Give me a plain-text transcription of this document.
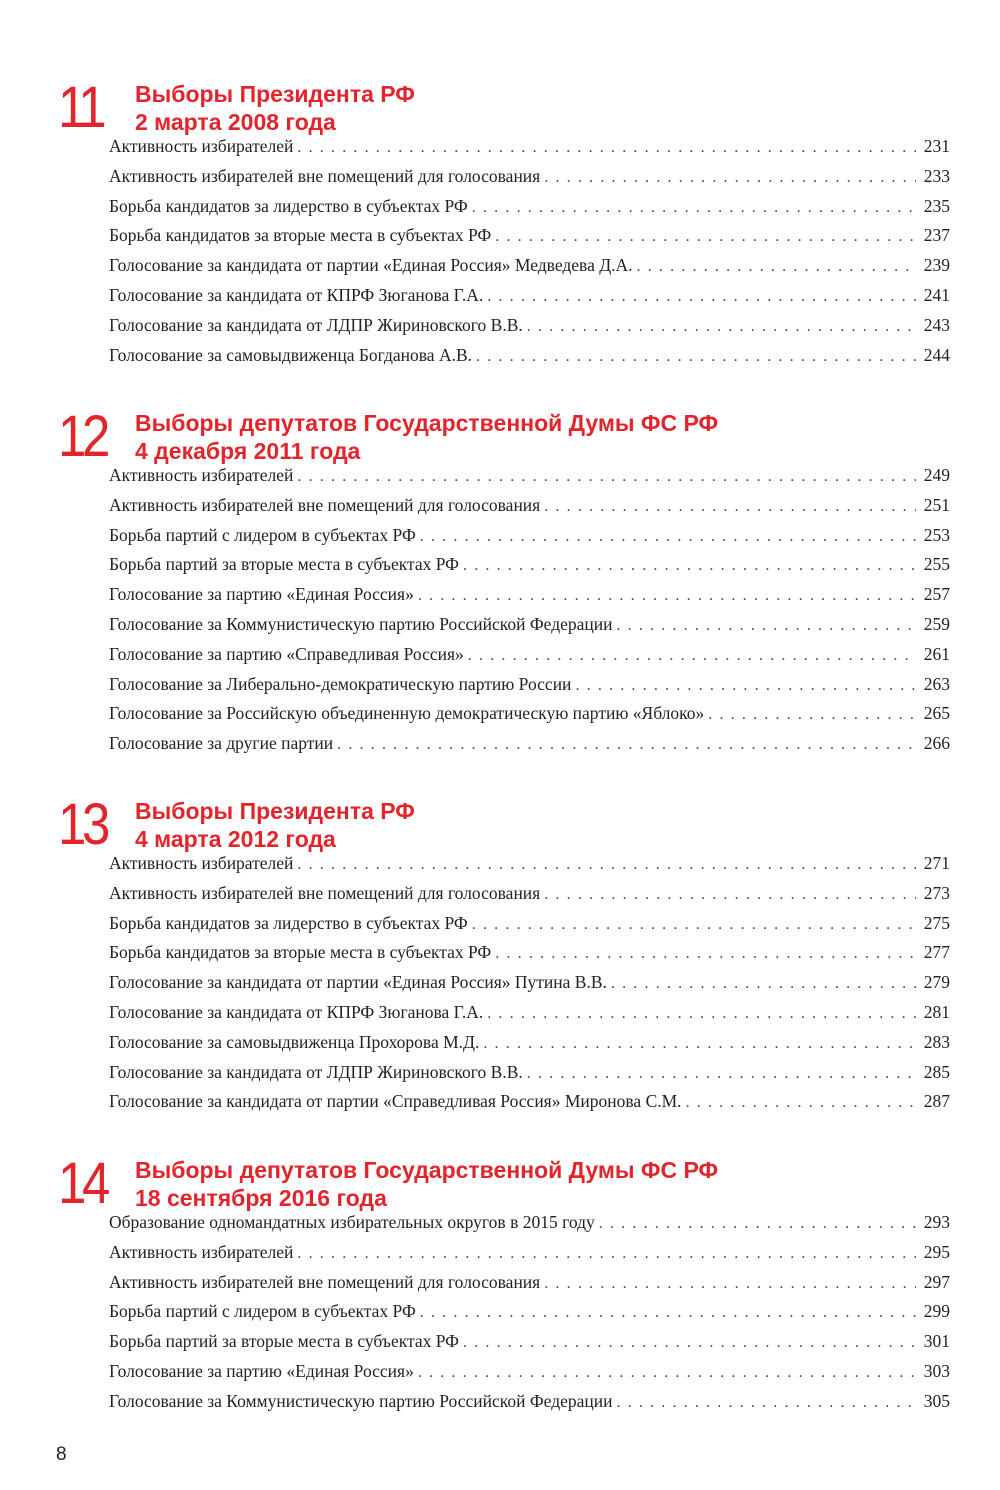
11 Выборы Президента РФ
2 марта 2008 года
Активность избирателей . . .	231
Активность избирателей вне помещений для голосования . . .	233
Борьба кандидатов за лидерство в субъектах РФ . . .	235
Борьба кандидатов за вторые места в субъектах РФ . . .	237
Голосование за кандидата от партии «Единая Россия» Медведева Д.А. . . .	239
Голосование за кандидата от КПРФ Зюганова Г.А. . . .	241
Голосование за кандидата от ЛДПР Жириновского В.В. . . .	243
Голосование за самовыдвиженца Богданова А.В. . . .	244
12 Выборы депутатов Государственной Думы ФС РФ
4 декабря 2011 года
Активность избирателей . . .	249
Активность избирателей вне помещений для голосования . . .	251
Борьба партий с лидером в субъектах РФ . . .	253
Борьба партий за вторые места в субъектах РФ . . .	255
Голосование за партию «Единая Россия» . . .	257
Голосование за Коммунистическую партию Российской Федерации . . .	259
Голосование за партию «Справедливая Россия» . . .	261
Голосование за Либерально-демократическую партию России . . .	263
Голосование за Российскую объединенную демократическую партию «Яблоко» . . .	265
Голосование за другие партии . . .	266
13 Выборы Президента РФ
4 марта 2012 года
Активность избирателей . . .	271
Активность избирателей вне помещений для голосования . . .	273
Борьба кандидатов за лидерство в субъектах РФ . . .	275
Борьба кандидатов за вторые места в субъектах РФ . . .	277
Голосование за кандидата от партии «Единая Россия» Путина В.В. . . .	279
Голосование за кандидата от КПРФ Зюганова Г.А. . . .	281
Голосование за самовыдвиженца Прохорова М.Д. . . .	283
Голосование за кандидата от ЛДПР Жириновского В.В. . . .	285
Голосование за кандидата от партии «Справедливая Россия» Миронова С.М. . . .	287
14 Выборы депутатов Государственной Думы ФС РФ
18 сентября 2016 года
Образование одномандатных избирательных округов в 2015 году . . .	293
Активность избирателей . . .	295
Активность избирателей вне помещений для голосования . . .	297
Борьба партий с лидером в субъектах РФ . . .	299
Борьба партий за вторые места в субъектах РФ . . .	301
Голосование за партию «Единая Россия» . . .	303
Голосование за Коммунистическую партию Российской Федерации . . .	305
8
